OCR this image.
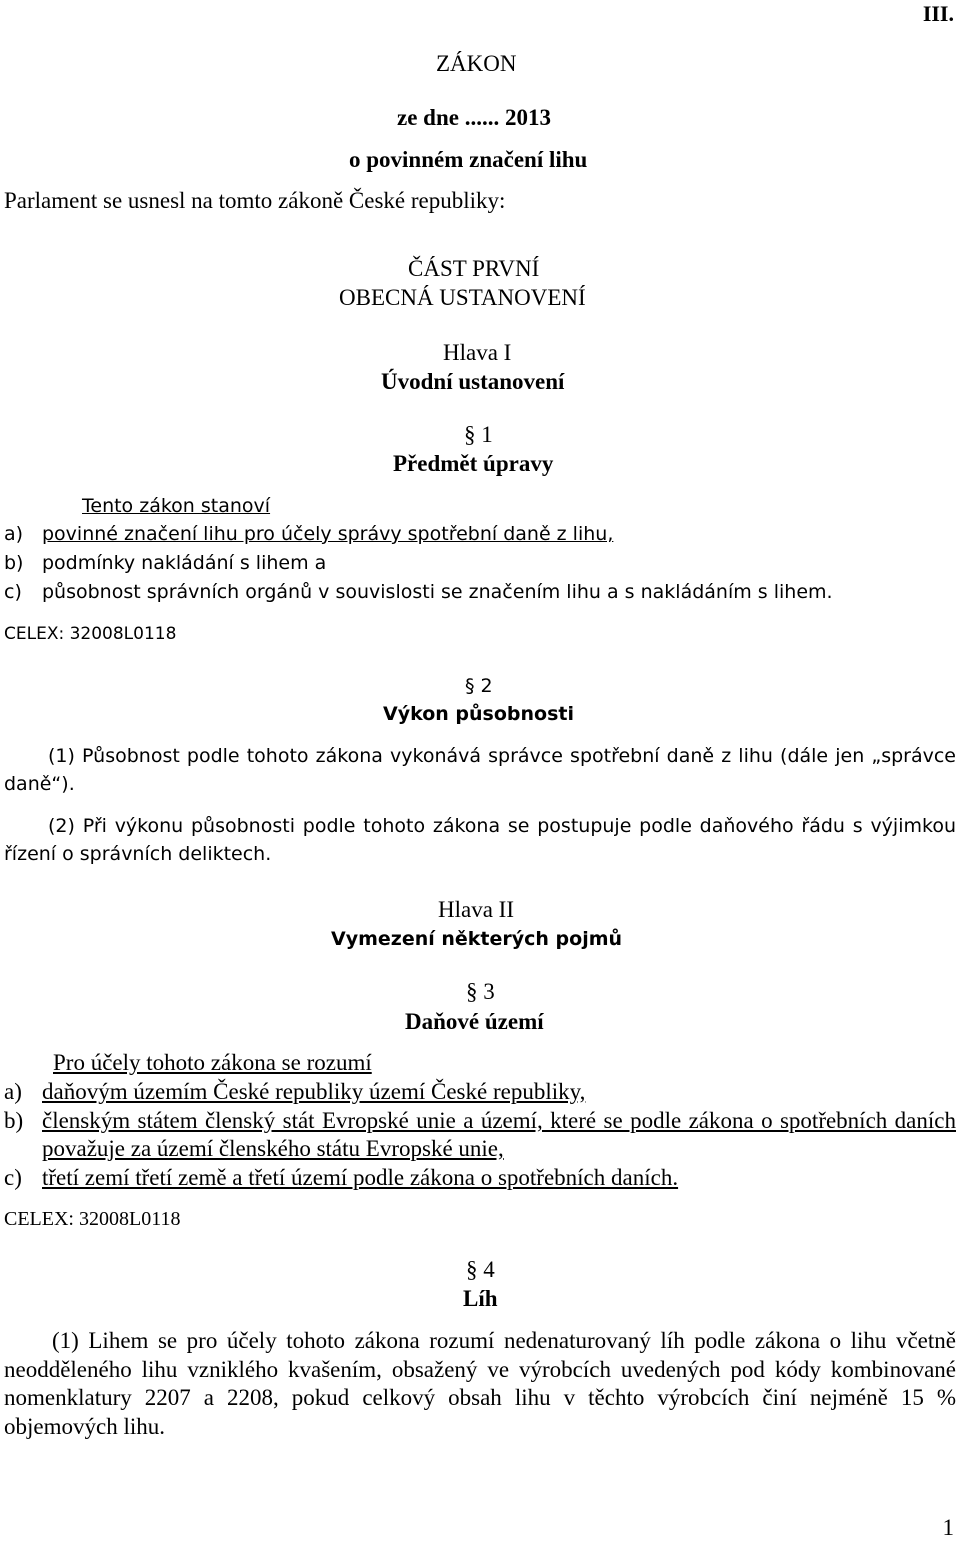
III.
ZÁKON
ze dne ...... 2013
o povinném značení lihu
Parlament se usnesl na tomto zákoně České republiky:
ČÁST PRVNÍ
OBECNÁ USTANOVENÍ
Hlava I
Úvodní ustanovení
§ 1
Předmět úpravy
Tento zákon stanoví
a) povinné značení lihu pro účely správy spotřební daně z lihu,
b) podmínky nakládání s lihem a
c) působnost správních orgánů v souvislosti se značením lihu a s nakládáním s lihem.
CELEX: 32008L0118
§ 2
Výkon působnosti
(1) Působnost podle tohoto zákona vykonává správce spotřební daně z lihu (dále jen „správce daně“).
(2) Při výkonu působnosti podle tohoto zákona se postupuje podle daňového řádu s výjimkou řízení o správních deliktech.
Hlava II
Vymezení některých pojmů
§ 3
Daňové území
Pro účely tohoto zákona se rozumí
a) daňovým územím České republiky území České republiky,
b) členským státem členský stát Evropské unie a území, které se podle zákona o spotřebních daních považuje za území členského státu Evropské unie,
c) třetí zemí třetí země a třetí území podle zákona o spotřebních daních.
CELEX: 32008L0118
§ 4
Líh
(1) Lihem se pro účely tohoto zákona rozumí nedenaturovaný líh podle zákona o lihu včetně neodděleného lihu vzniklého kvašením, obsažený ve výrobcích uvedených pod kódy kombinované nomenklatury 2207 a 2208, pokud celkový obsah lihu v těchto výrobcích činí nejméně 15 % objemových lihu.
1
